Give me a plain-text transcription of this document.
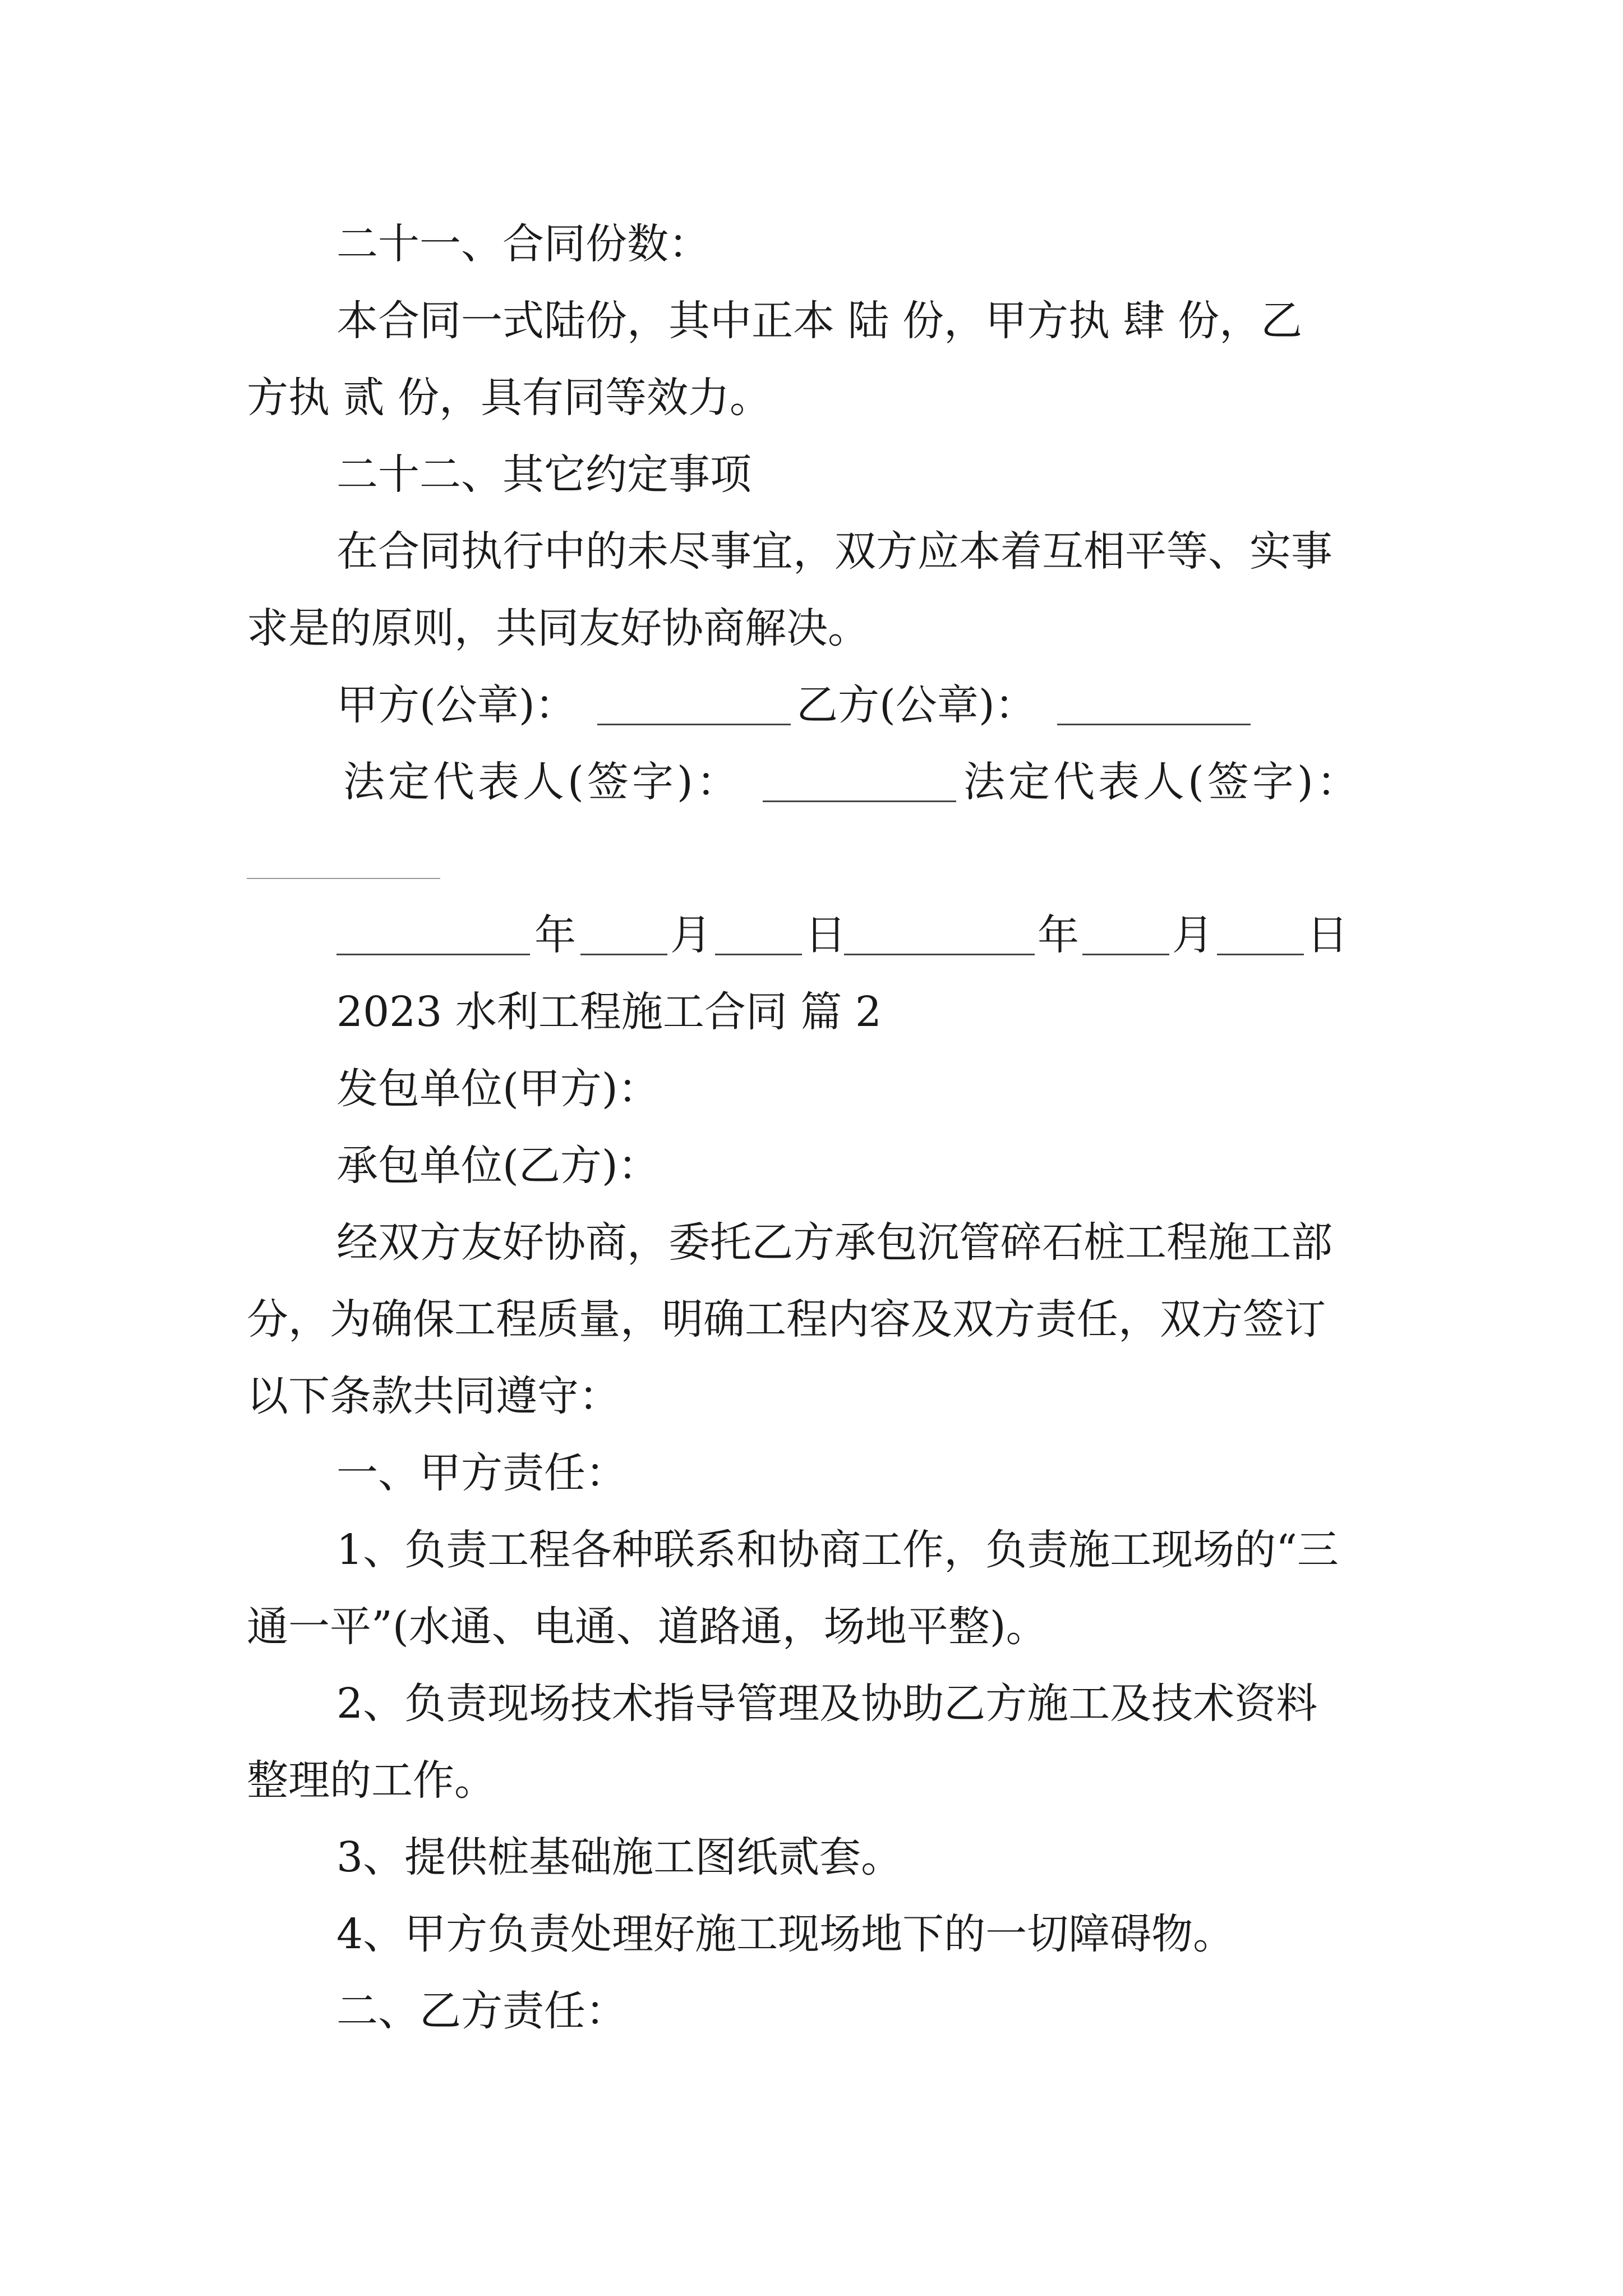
二十一、合同份数：
本合同一式陆份，其中正本 陆 份，甲方执 肆 份，乙
方执 贰 份，具有同等效力。
二十二、其它约定事项
在合同执行中的未尽事宜，双方应本着互相平等、实事
求是的原则，共同友好协商解决。
甲方(公章)：	乙方(公章)：
法定代表人(签字)：	法定代表人(签字)：
年 月 日	年 月 日
2023 水利工程施工合同 篇 2
发包单位(甲方)：
承包单位(乙方)：
经双方友好协商，委托乙方承包沉管碎石桩工程施工部
分，为确保工程质量，明确工程内容及双方责任，双方签订
以下条款共同遵守：
一、甲方责任：
1、负责工程各种联系和协商工作，负责施工现场的“三
通一平”(水通、电通、道路通，场地平整)。
2、负责现场技术指导管理及协助乙方施工及技术资料
整理的工作。
3、提供桩基础施工图纸贰套。
4、甲方负责处理好施工现场地下的一切障碍物。
二、乙方责任：
